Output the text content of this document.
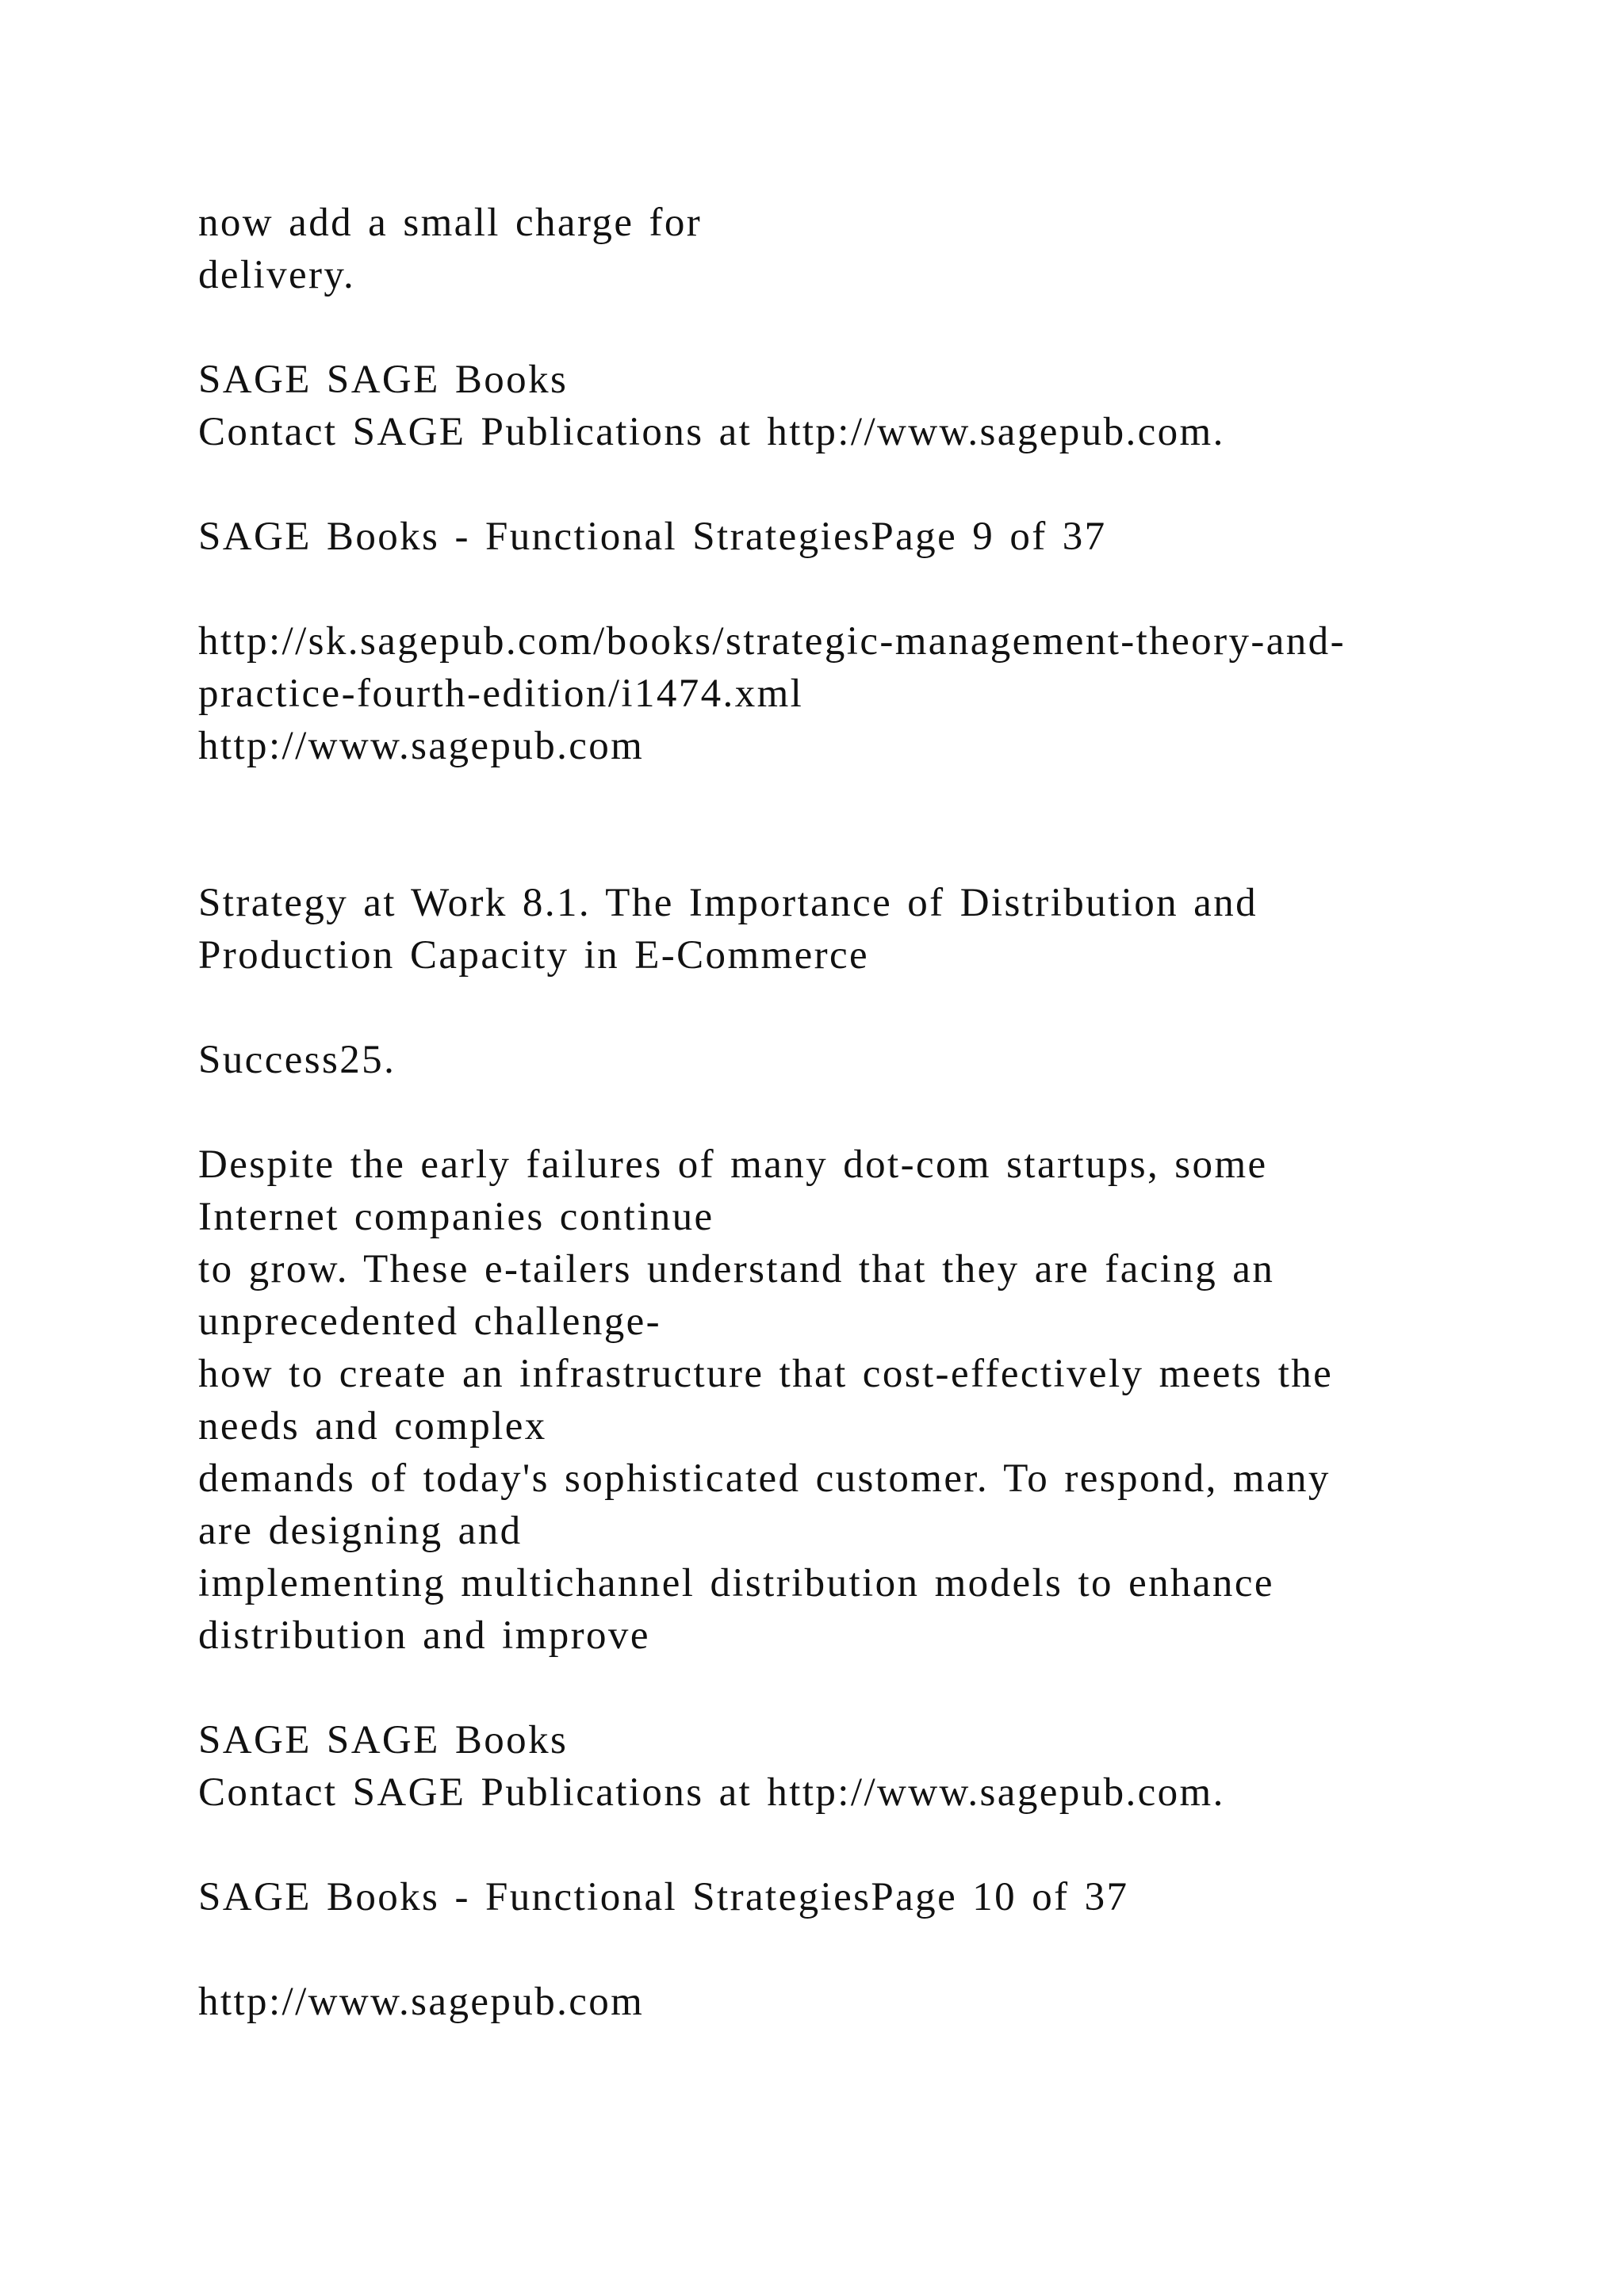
now add a small charge for
delivery.
SAGE SAGE Books
Contact SAGE Publications at http://www.sagepub.com.
SAGE Books - Functional StrategiesPage 9 of 37
http://sk.sagepub.com/books/strategic-management-theory-and-
practice-fourth-edition/i1474.xml
http://www.sagepub.com
Strategy at Work 8.1. The Importance of Distribution and
Production Capacity in E-Commerce
Success25.
Despite the early failures of many dot-com startups, some
Internet companies continue
to grow. These e-tailers understand that they are facing an
unprecedented challenge-
how to create an infrastructure that cost-effectively meets the
needs and complex
demands of today's sophisticated customer. To respond, many
are designing and
implementing multichannel distribution models to enhance
distribution and improve
SAGE SAGE Books
Contact SAGE Publications at http://www.sagepub.com.
SAGE Books - Functional StrategiesPage 10 of 37
http://www.sagepub.com
